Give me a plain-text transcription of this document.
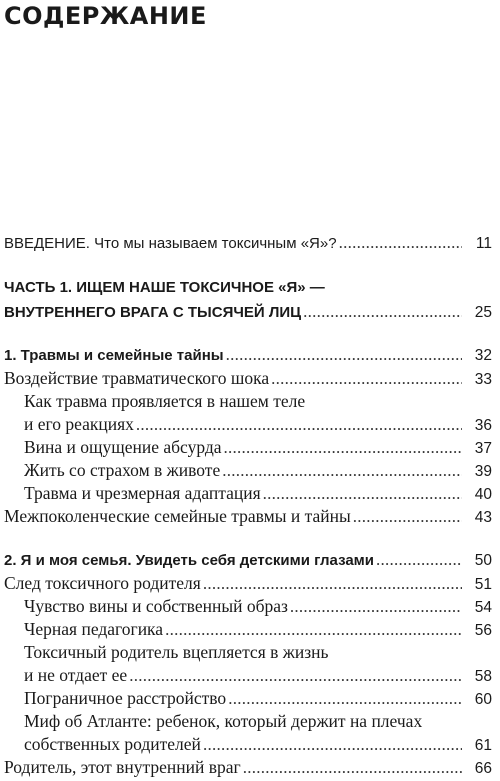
СОДЕРЖАНИЕ
ВВЕДЕНИЕ. Что мы называем токсичным «Я»? . . .	11
ЧАСТЬ 1. ИЩЕМ НАШЕ ТОКСИЧНОЕ «Я» —
ВНУТРЕННЕГО ВРАГА С ТЫСЯЧЕЙ ЛИЦ . . .	25
1. Травмы и семейные тайны . . .	32
Воздействие травматического шока . . .	33
Как травма проявляется в нашем теле
и его реакциях . . .	36
Вина и ощущение абсурда . . .	37
Жить со страхом в животе . . .	39
Травма и чрезмерная адаптация . . .	40
Межпоколенческие семейные травмы и тайны . . .	43
2. Я и моя семья. Увидеть себя детскими глазами . . .	50
След токсичного родителя . . .	51
Чувство вины и собственный образ . . .	54
Черная педагогика . . .	56
Токсичный родитель вцепляется в жизнь
и не отдает ее . . .	58
Пограничное расстройство . . .	60
Миф об Атланте: ребенок, который держит на плечах
собственных родителей . . .	61
Родитель, этот внутренний враг . . .	66
